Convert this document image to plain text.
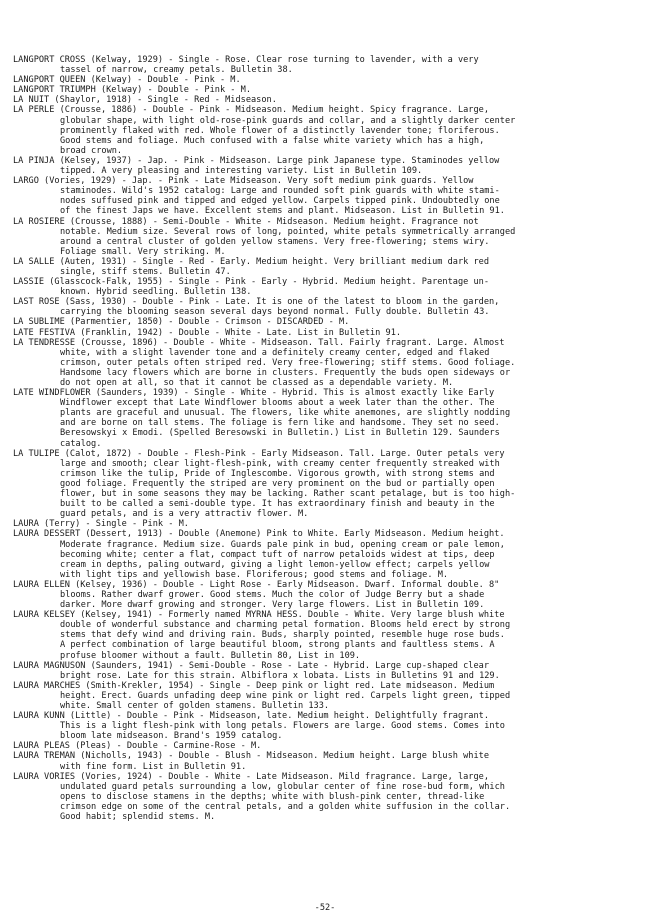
LANGPORT CROSS (Kelway, 1929) - Single - Rose. Clear rose turning to lavender, with a very
tassel of narrow, creamy petals. Bulletin 38.

LANGPORT QUEEN (Kelway) - Double - Pink - M.

LANGPORT TRIUMPH (Kelway) - Double - Pink - M.

LA NUIT (Shaylor, 1918) - Single - Red - Midseason.

LA PERLE (Crousse, 1886) - Double - Pink - Midseason. Medium height. Spicy fragrance. Large,
globular shape, with light old-rose-pink guards and collar, and a slightly darker center
prominently flaked with red. Whole flower of a distinctly lavender tone; floriferous.
Good stems and foliage. Much confused with a false white variety which has a high,
broad crown.

LA PINJA (Kelsey, 1937) - Jap. - Pink - Midseason. Large pink Japanese type. Staminodes yellow
tipped. A very pleasing and interesting variety. List in Bulletin 109.

LARGO (Vories, 1929) - Jap. - Pink - Late Midseason. Very soft medium pink guards. Yellow
staminodes. Wild's 1952 catalog: Large and rounded soft pink guards with white stami-
nodes suffused pink and tipped and edged yellow. Carpels tipped pink. Undoubtedly one
of the finest Japs we have. Excellent stems and plant. Midseason. List in Bulletin 91.

LA ROSIERE (Crousse, 1888) - Semi-Double - White - Midseason. Medium height. Fragrance not
notable. Medium size. Several rows of long, pointed, white petals symmetrically arranged
around a central cluster of golden yellow stamens. Very free-flowering; stems wiry.
Foliage small. Very striking. M.

LA SALLE (Auten, 1931) - Single - Red - Early. Medium height. Very brilliant medium dark red
single, stiff stems. Bulletin 47.

LASSIE (Glasscock-Falk, 1955) - Single - Pink - Early - Hybrid. Medium height. Parentage un-
known. Hybrid seedling. Bulletin 138.

LAST ROSE (Sass, 1930) - Double - Pink - Late. It is one of the latest to bloom in the garden,
carrying the blooming season several days beyond normal. Fully double. Bulletin 43.

LA SUBLIME (Parmentier, 1850) - Double - Crimson - DISCARDED - M.

LATE FESTIVA (Franklin, 1942) - Double - White - Late. List in Bulletin 91.

LA TENDRESSE (Crousse, 1896) - Double - White - Midseason. Tall. Fairly fragrant. Large. Almost
white, with a slight lavender tone and a definitely creamy center, edged and flaked
crimson, outer petals often striped red. Very free-flowering; stiff stems. Good foliage.
Handsome lacy flowers which are borne in clusters. Frequently the buds open sideways or
do not open at all, so that it cannot be classed as a dependable variety. M.

LATE WINDFLOWER (Saunders, 1939) - Single - White - Hybrid. This is almost exactly like Early
Windflower except that Late Windflower blooms about a week later than the other. The
plants are graceful and unusual. The flowers, like white anemones, are slightly nodding
and are borne on tall stems. The foliage is fern like and handsome. They set no seed.
Beresowskyi x Emodi. (Spelled Beresowski in Bulletin.) List in Bulletin 129. Saunders
catalog.

LA TULIPE (Calot, 1872) - Double - Flesh-Pink - Early Midseason. Tall. Large. Outer petals very
large and smooth; clear light-flesh-pink, with creamy center frequently streaked with
crimson like the tulip, Pride of Inglescombe. Vigorous growth, with strong stems and
good foliage. Frequently the striped are very prominent on the bud or partially open
flower, but in some seasons they may be lacking. Rather scant petalage, but is too high-
built to be called a semi-double type. It has extraordinary finish and beauty in the
guard petals, and is a very attractiv flower. M.

LAURA (Terry) - Single - Pink - M.

LAURA DESSERT (Dessert, 1913) - Double (Anemone) Pink to White. Early Midseason. Medium height.
Moderate fragrance. Medium size. Guards pale pink in bud, opening cream or pale lemon,
becoming white; center a flat, compact tuft of narrow petaloids widest at tips, deep
cream in depths, paling outward, giving a light lemon-yellow effect; carpels yellow
with light tips and yellowish base. Floriferous; good stems and foliage. M.

LAURA ELLEN (Kelsey, 1936) - Double - Light Rose - Early Midseason. Dwarf. Informal double. 8"
blooms. Rather dwarf grower. Good stems. Much the color of Judge Berry but a shade
darker. More dwarf growing and stronger. Very large flowers. List in Bulletin 109.

LAURA KELSEY (Kelsey, 1941) - Formerly named MYRNA HESS. Double - White. Very large blush white
double of wonderful substance and charming petal formation. Blooms held erect by strong
stems that defy wind and driving rain. Buds, sharply pointed, resemble huge rose buds.
A perfect combination of large beautiful bloom, strong plants and faultless stems. A
profuse bloomer without a fault. Bulletin 80, List in 109.

LAURA MAGNUSON (Saunders, 1941) - Semi-Double - Rose - Late - Hybrid. Large cup-shaped clear
bright rose. Late for this strain. Albiflora x lobata. Lists in Bulletins 91 and 129.

LAURA MARCHES (Smith-Krekler, 1954) - Single - Deep pink or light red. Late midseason. Medium
height. Erect. Guards unfading deep wine pink or light red. Carpels light green, tipped
white. Small center of golden stamens. Bulletin 133.

LAURA KUNN (Little) - Double - Pink - Midseason, late. Medium height. Delightfully fragrant.
This is a light flesh-pink with long petals. Flowers are large. Good stems. Comes into
bloom late midseason. Brand's 1959 catalog.

LAURA PLEAS (Pleas) - Double - Carmine-Rose - M.

LAURA TREMAN (Nicholls, 1943) - Double - Blush - Midseason. Medium height. Large blush white
with fine form. List in Bulletin 91.

LAURA VORIES (Vories, 1924) - Double - White - Late Midseason. Mild fragrance. Large, large,
undulated guard petals surrounding a low, globular center of fine rose-bud form, which
opens to disclose stamens in the depths; white with blush-pink center, thread-like
crimson edge on some of the central petals, and a golden white suffusion in the collar.
Good habit; splendid stems. M.

-52-
